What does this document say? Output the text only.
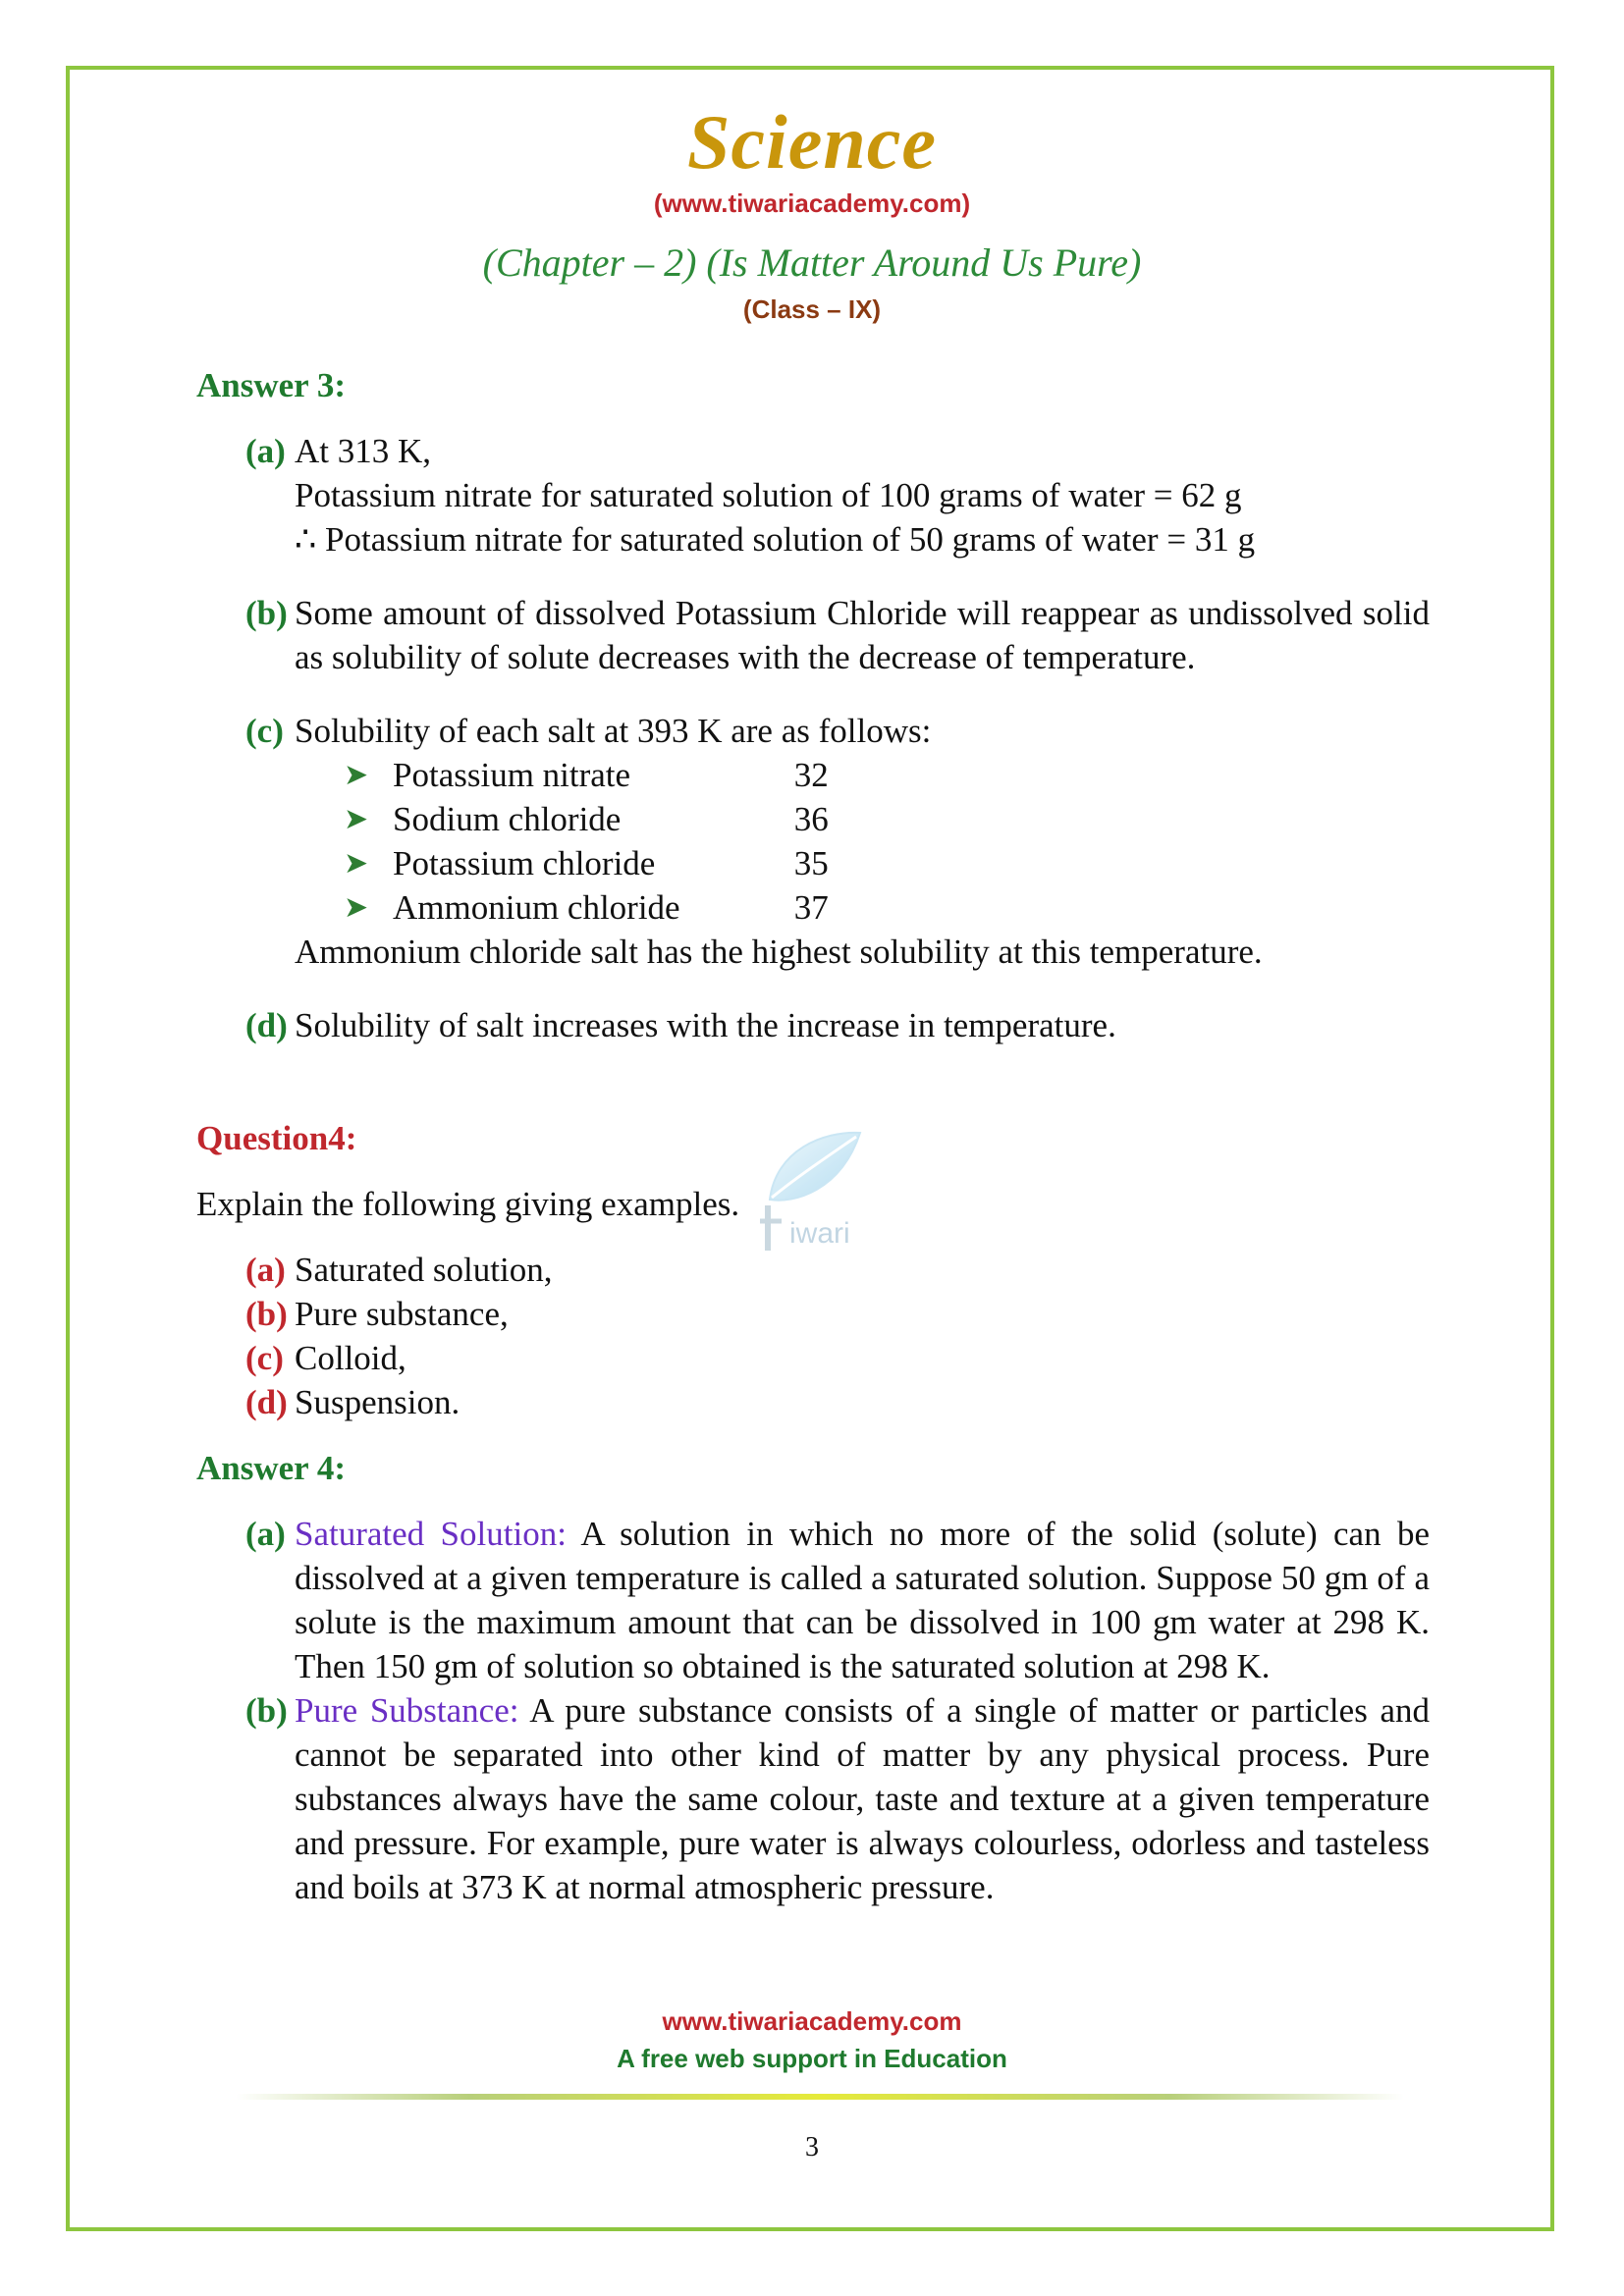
Science
(www.tiwariacademy.com)
(Chapter – 2) (Is Matter Around Us Pure)
(Class – IX)

Answer 3:

(a) At 313 K,
Potassium nitrate for saturated solution of 100 grams of water = 62 g
∴ Potassium nitrate for saturated solution of 50 grams of water = 31 g
(b) Some amount of dissolved Potassium Chloride will reappear as undissolved solid as solubility of solute decreases with the decrease of temperature.
(c) Solubility of each salt at 393 K are as follows:
➤ Potassium nitrate	32
➤ Sodium chloride	36
➤ Potassium chloride	35
➤ Ammonium chloride	37
Ammonium chloride salt has the highest solubility at this temperature.
(d) Solubility of salt increases with the increase in temperature.

Question4:

Explain the following giving examples.

(a) Saturated solution,
(b) Pure substance,
(c) Colloid,
(d) Suspension.

Answer 4:

(a) Saturated Solution: A solution in which no more of the solid (solute) can be dissolved at a given temperature is called a saturated solution. Suppose 50 gm of a solute is the maximum amount that can be dissolved in 100 gm water at 298 K. Then 150 gm of solution so obtained is the saturated solution at 298 K.
(b) Pure Substance: A pure substance consists of a single of matter or particles and cannot be separated into other kind of matter by any physical process. Pure substances always have the same colour, taste and texture at a given temperature and pressure. For example, pure water is always colourless, odorless and tasteless and boils at 373 K at normal atmospheric pressure.
iwari
www.tiwariacademy.com
A free web support in Education
3
